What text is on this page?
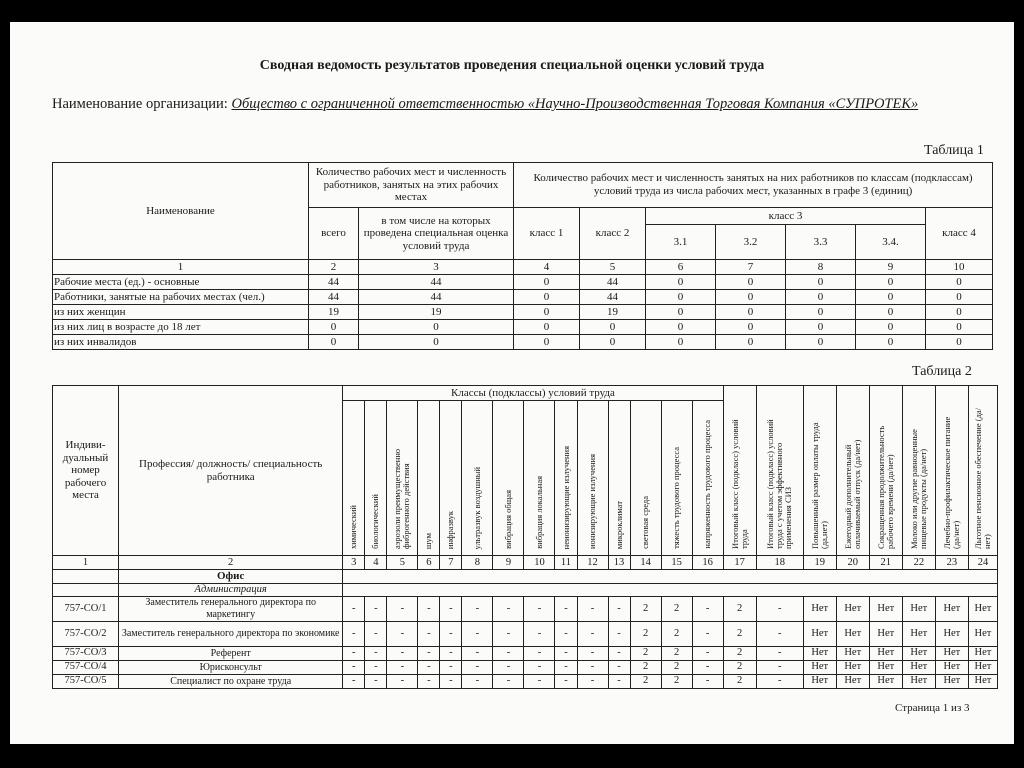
Сводная ведомость результатов проведения специальной оценки условий труда
Наименование организации: Общество с ограниченной ответственностью «Научно-Производственная Торговая Компания «СУПРОТЕК»
Таблица 1
Наименование	Количество рабочих мест и численность работников, занятых на этих рабочих местах		Количество рабочих мест и численность занятых на них работников по классам (подклассам) условий труда из числа рабочих мест, указанных в графе 3 (единиц)						
	всего	в том числе на которых проведена специальная оценка условий труда	класс 1	класс 2	класс 3				класс 4
					3.1	3.2	3.3	3.4.	
1	2	3	4	5	6	7	8	9	10
Рабочие места (ед.) - основные	44	44	0	44	0	0	0	0	0
Работники, занятые на рабочих местах (чел.)	44	44	0	44	0	0	0	0	0
из них женщин	19	19	0	19	0	0	0	0	0
из них лиц в возрасте до 18 лет	0	0	0	0	0	0	0	0	0
из них инвалидов	0	0	0	0	0	0	0	0	0
Таблица 2
Индиви-дуальный номер рабочего места	Профессия/ должность/ специальность работника	Классы (подклассы) условий труда														Итоговый класс (подкласс) условий труда	Итоговый класс (подкласс) условий труда с учетом эффективного применения СИЗ	Повышенный размер оплаты труда (да,нет)	Ежегодный дополнительный оплачиваемый отпуск (да/нет)	Сокращенная продолжительность рабочего времени (да/нет)	Молоко или другие равноценные пищевые продукты (да/нет)	Лечебно-профилактическое питание (да/нет)	Льготное пенсионное обеспечение (да/нет)
		химический	биологический	аэрозоли преимущественно фиброгенного действия	шум	инфразвук	ультразвук воздушный	вибрация общая	вибрация локальная	неионизирующие излучения	ионизирующие излучения	микроклимат	световая среда	тяжесть трудового процесса	напряженность трудового процесса								
1	2	3	4	5	6	7	8	9	10	11	12	13	14	15	16	17	18	19	20	21	22	23	24
	Офис																						
	Администрация																						
757-СО/1	Заместитель генерального директора по маркетингу	-	-	-	-	-	-	-	-	-	-	-	2	2	-	2	-	Нет	Нет	Нет	Нет	Нет	Нет
757-СО/2	Заместитель генерального директора по экономике	-	-	-	-	-	-	-	-	-	-	-	2	2	-	2	-	Нет	Нет	Нет	Нет	Нет	Нет
757-СО/3	Референт	-	-	-	-	-	-	-	-	-	-	-	2	2	-	2	-	Нет	Нет	Нет	Нет	Нет	Нет
757-СО/4	Юрисконсульт	-	-	-	-	-	-	-	-	-	-	-	2	2	-	2	-	Нет	Нет	Нет	Нет	Нет	Нет
757-СО/5	Специалист по охране труда	-	-	-	-	-	-	-	-	-	-	-	2	2	-	2	-	Нет	Нет	Нет	Нет	Нет	Нет
Страница 1 из 3
